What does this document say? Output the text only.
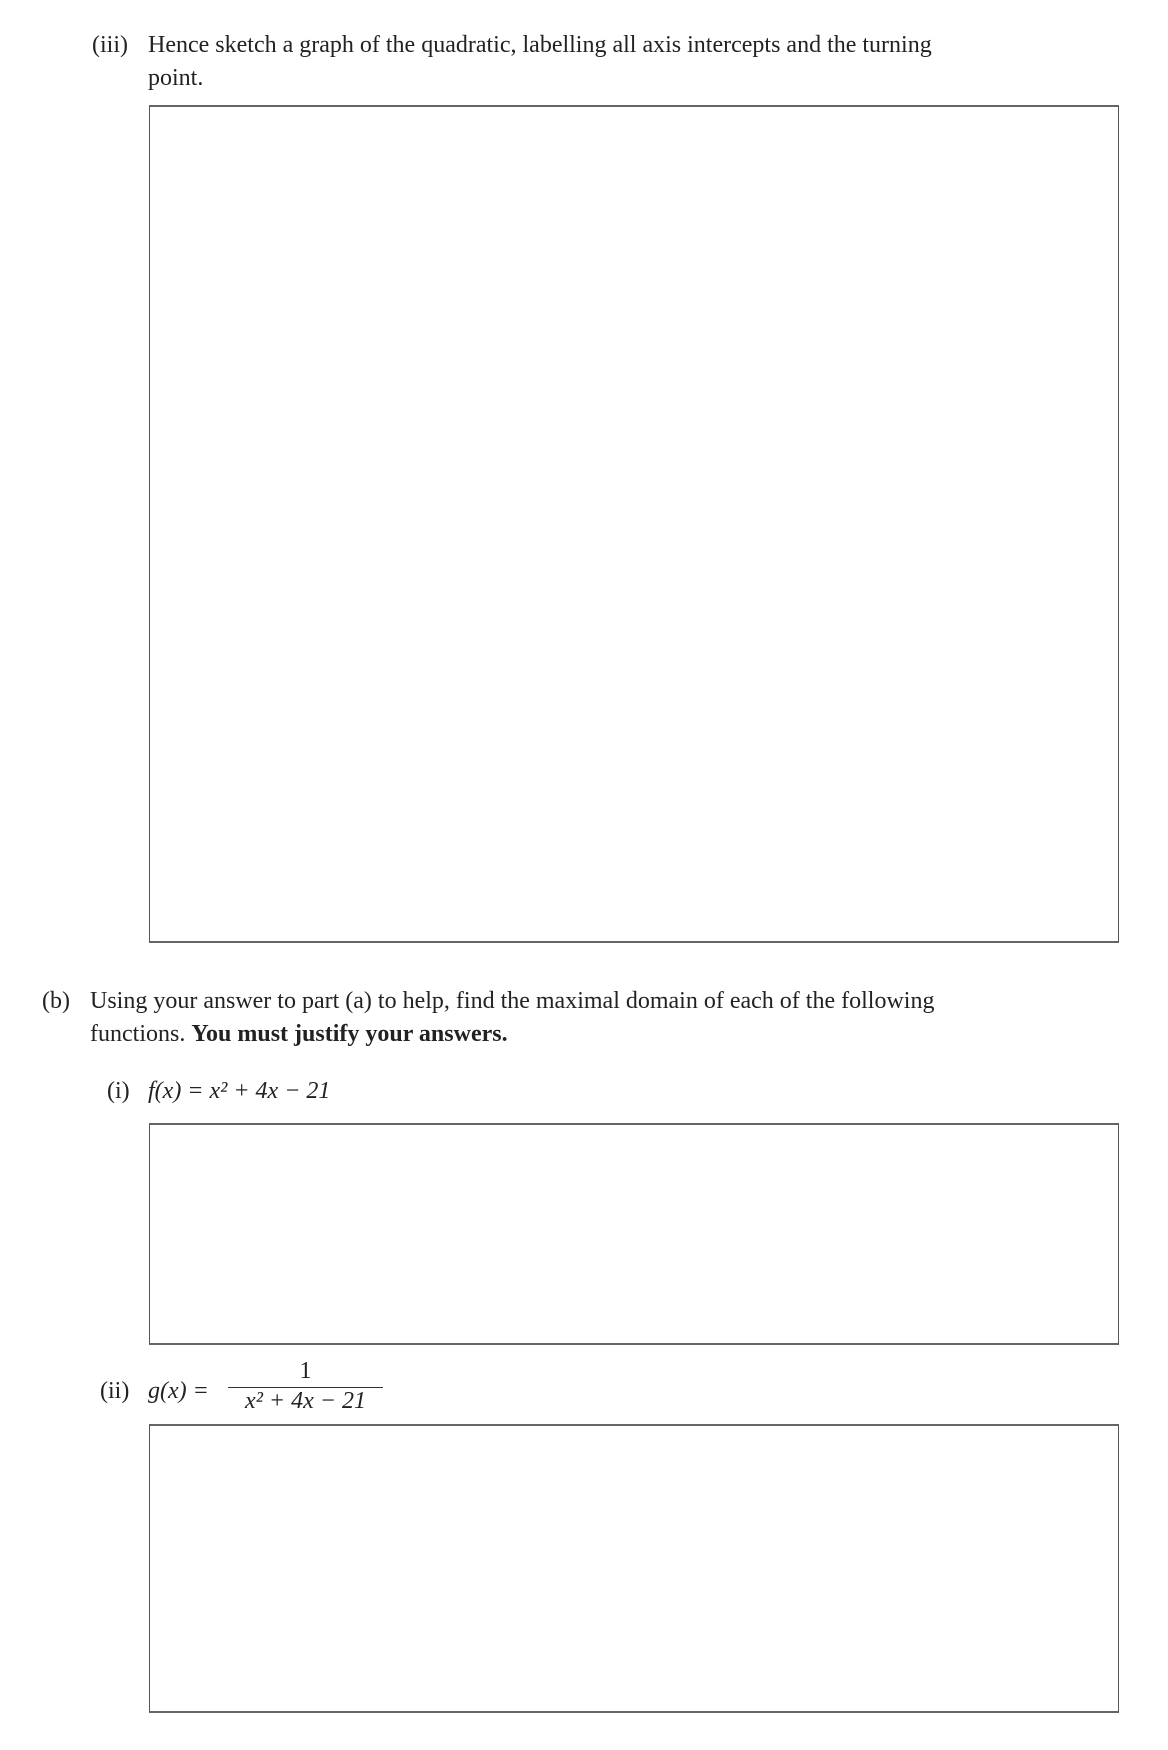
(iii) Hence sketch a graph of the quadratic, labelling all axis intercepts and the turning
point.
(b) Using your answer to part (a) to help, find the maximal domain of each of the following
functions. You must justify your answers.
(i) f(x) = x² + 4x − 21
(ii) $g(x) = \frac{1}{\text{x² + 4x − 21}}$
